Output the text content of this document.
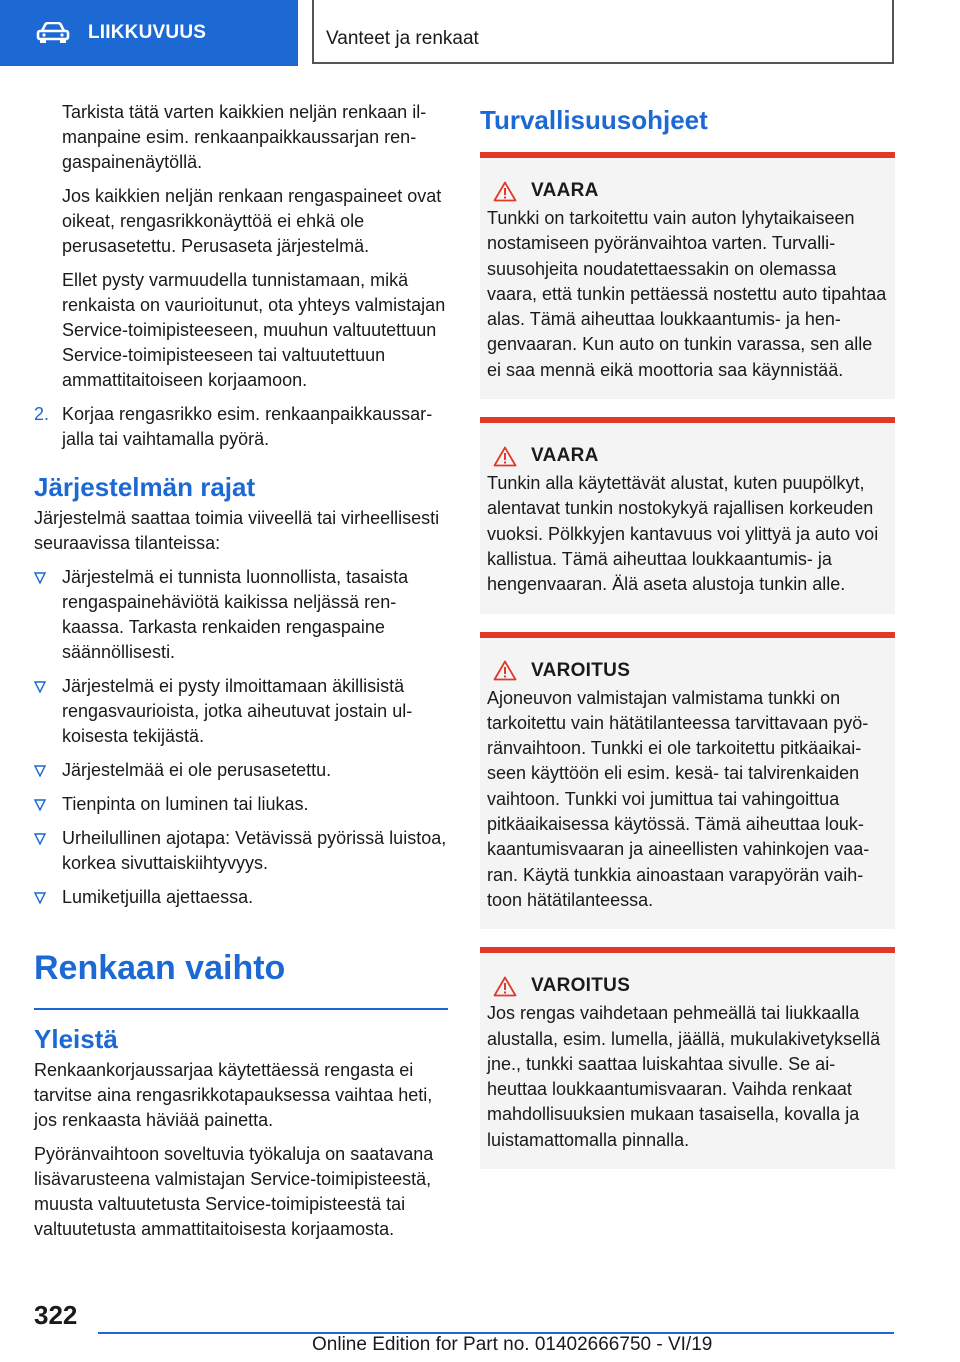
LIIKKUVUUS	Vanteet ja renkaat

Tarkista tätä varten kaikkien neljän renkaan ilmanpaine esim. renkaanpaikkaussarjan rengaspainenäytöllä.

Jos kaikkien neljän renkaan rengaspaineet ovat oikeat, rengasrikkonäyttöä ei ehkä ole perusasetettu. Perusaseta järjestelmä.

Ellet pysty varmuudella tunnistamaan, mikä renkaista on vaurioitunut, ota yhteys valmistajan Service-toimipisteeseen, muuhun valtuutettuun Service-toimipisteeseen tai valtuutettuun ammattitaitoiseen korjaamoon.

2. Korjaa rengasrikko esim. renkaanpaikkaussarjalla tai vaihtamalla pyörä.
Järjestelmän rajat

Järjestelmä saattaa toimia viiveellä tai virheellisesti seuraavissa tilanteissa:

Järjestelmä ei tunnista luonnollista, tasaista rengaspainehäviötä kaikissa neljässä renkaassa. Tarkasta renkaiden rengaspaine säännöllisesti.
Järjestelmä ei pysty ilmoittamaan äkillisistä rengasvaurioista, jotka aiheutuvat jostain ulkoisesta tekijästä.
Järjestelmää ei ole perusasetettu.
Tienpinta on luminen tai liukas.
Urheilullinen ajotapa: Vetävissä pyörissä luistoa, korkea sivuttaiskiihtyvyys.
Lumiketjuilla ajettaessa.
Renkaan vaihto
Yleistä

Renkaankorjaussarjaa käytettäessä rengasta ei tarvitse aina rengasrikkotapauksessa vaihtaa heti, jos renkaasta häviää painetta.

Pyöränvaihtoon soveltuvia työkaluja on saatavana lisävarusteena valmistajan Service-toimipisteestä, muusta valtuutetusta Service-toimipisteestä tai valtuutetusta ammattitaitoisesta korjaamosta.

Turvallisuusohjeet
VAARA

Tunkki on tarkoitettu vain auton lyhytaikaiseen nostamiseen pyöränvaihtoa varten. Turvallisuusohjeita noudatettaessakin on olemassa vaara, että tunkin pettäessä nostettu auto tipahtaa alas. Tämä aiheuttaa loukkaantumis- ja hengenvaaran. Kun auto on tunkin varassa, sen alle ei saa mennä eikä moottoria saa käynnistää.

VAARA

Tunkin alla käytettävät alustat, kuten puupölkyt, alentavat tunkin nostokykyä rajallisen korkeuden vuoksi. Pölkkyjen kantavuus voi ylittyä ja auto voi kallistua. Tämä aiheuttaa loukkaantumis- ja hengenvaaran. Älä aseta alustoja tunkin alle.

VAROITUS

Ajoneuvon valmistajan valmistama tunkki on tarkoitettu vain hätätilanteessa tarvittavaan pyöränvaihtoon. Tunkki ei ole tarkoitettu pitkäaikaiseen käyttöön eli esim. kesä- tai talvirenkaiden vaihtoon. Tunkki voi jumittua tai vahingoittua pitkäaikaisessa käytössä. Tämä aiheuttaa loukkaantumisvaaran ja aineellisten vahinkojen vaaran. Käytä tunkkia ainoastaan varapyörän vaihtoon hätätilanteessa.

VAROITUS

Jos rengas vaihdetaan pehmeällä tai liukkaalla alustalla, esim. lumella, jäällä, mukulakivetyksellä jne., tunkki saattaa luiskahtaa sivulle. Se aiheuttaa loukkaantumisvaaran. Vaihda renkaat mahdollisuuksien mukaan tasaisella, kovalla ja luistamattomalla pinnalla.

322
Online Edition for Part no. 01402666750 - VI/19
